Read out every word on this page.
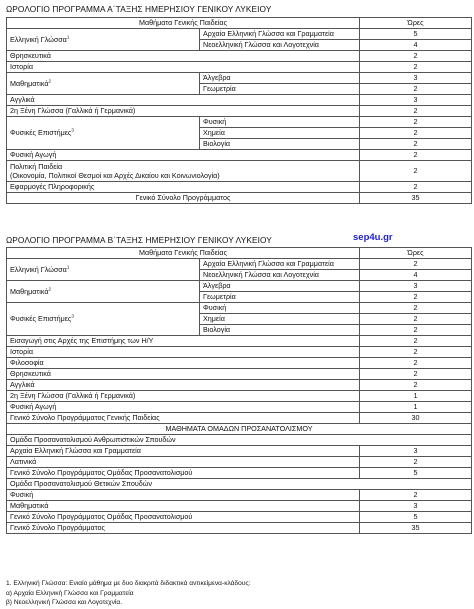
ΩΡΟΛΟΓΙΟ ΠΡΟΓΡΑΜΜΑ Α΄ΤΑΞΗΣ ΗΜΕΡΗΣΙΟΥ ΓΕΝΙΚΟΥ ΛΥΚΕΙΟΥ
Μαθήματα Γενικής Παιδείας		Ώρες
Ελληνική Γλώσσα$^1$	Αρχαία Ελληνική Γλώσσα και Γραμματεία	5
	Νεοελληνική Γλώσσα και Λογοτεχνία	4
Θρησκευτικά		2
Ιστορία		2
Μαθηματικά$^2$	Άλγεβρα	3
	Γεωμετρία	2
Αγγλικά		3
2η Ξένη Γλώσσα (Γαλλικά ή Γερμανικά)		2
Φυσικές Επιστήμες$^3$	Φυσική	2
	Χημεία	2
	Βιολογία	2
Φυσική Αγωγή		2
Πολιτική Παιδεία
(Οικονομία, Πολιτικοί Θεσμοί και Αρχές Δικαίου και Κοινωνιολογία)		2
Εφαρμογές Πληροφορικής		2
Γενικό Σύνολο Προγράμματος		35
ΩΡΟΛΟΓΙΟ ΠΡΟΓΡΑΜΜΑ Β΄ΤΑΞΗΣ ΗΜΕΡΗΣΙΟΥ ΓΕΝΙΚΟΥ ΛΥΚΕΙΟΥ	sep4u.gr
Μαθήματα Γενικής Παιδείας		Ώρες
Ελληνική Γλώσσα$^1$	Αρχαία Ελληνική Γλώσσα και Γραμματεία	2
	Νεοελληνική Γλώσσα και Λογοτεχνία	4
Μαθηματικά$^2$	Άλγεβρα	3
	Γεωμετρία	2
Φυσικές Επιστήμες$^3$	Φυσική	2
	Χημεία	2
	Βιολογία	2
Εισαγωγή στις Αρχές της Επιστήμης των Η/Υ		2
Ιστορία		2
Φιλοσοφία		2
Θρησκευτικά		2
Αγγλικά		2
2η Ξένη Γλώσσα (Γαλλικά ή Γερμανικά)		1
Φυσική Αγωγή		1
Γενικό Σύνολο Προγράμματος Γενικής Παιδείας		30
ΜΑΘΗΜΑΤΑ ΟΜΑΔΩΝ ΠΡΟΣΑΝΑΤΟΛΙΣΜΟΥ		
Ομάδα Προσανατολισμού Ανθρωπιστικών Σπουδών		
Αρχαία Ελληνική Γλώσσα και Γραμματεία		3
Λατινικά		2
Γενικό Σύνολο Προγράμματος Ομάδας Προσανατολισμού		5
Ομάδα Προσανατολισμού Θετικών Σπουδών		
Φυσική		2
Μαθηματικά		3
Γενικό Σύνολο Προγράμματος Ομάδας Προσανατολισμού		5
Γενικό Σύνολο Προγράμματος		35
1. Ελληνική Γλώσσα: Ενιαίο μάθημα με δυο διακριτά διδακτικά αντικείμενα-κλάδους:
α) Αρχαία Ελληνική Γλώσσα και Γραμματεία
β) Νεοελληνική Γλώσσα και Λογοτεχνία.
